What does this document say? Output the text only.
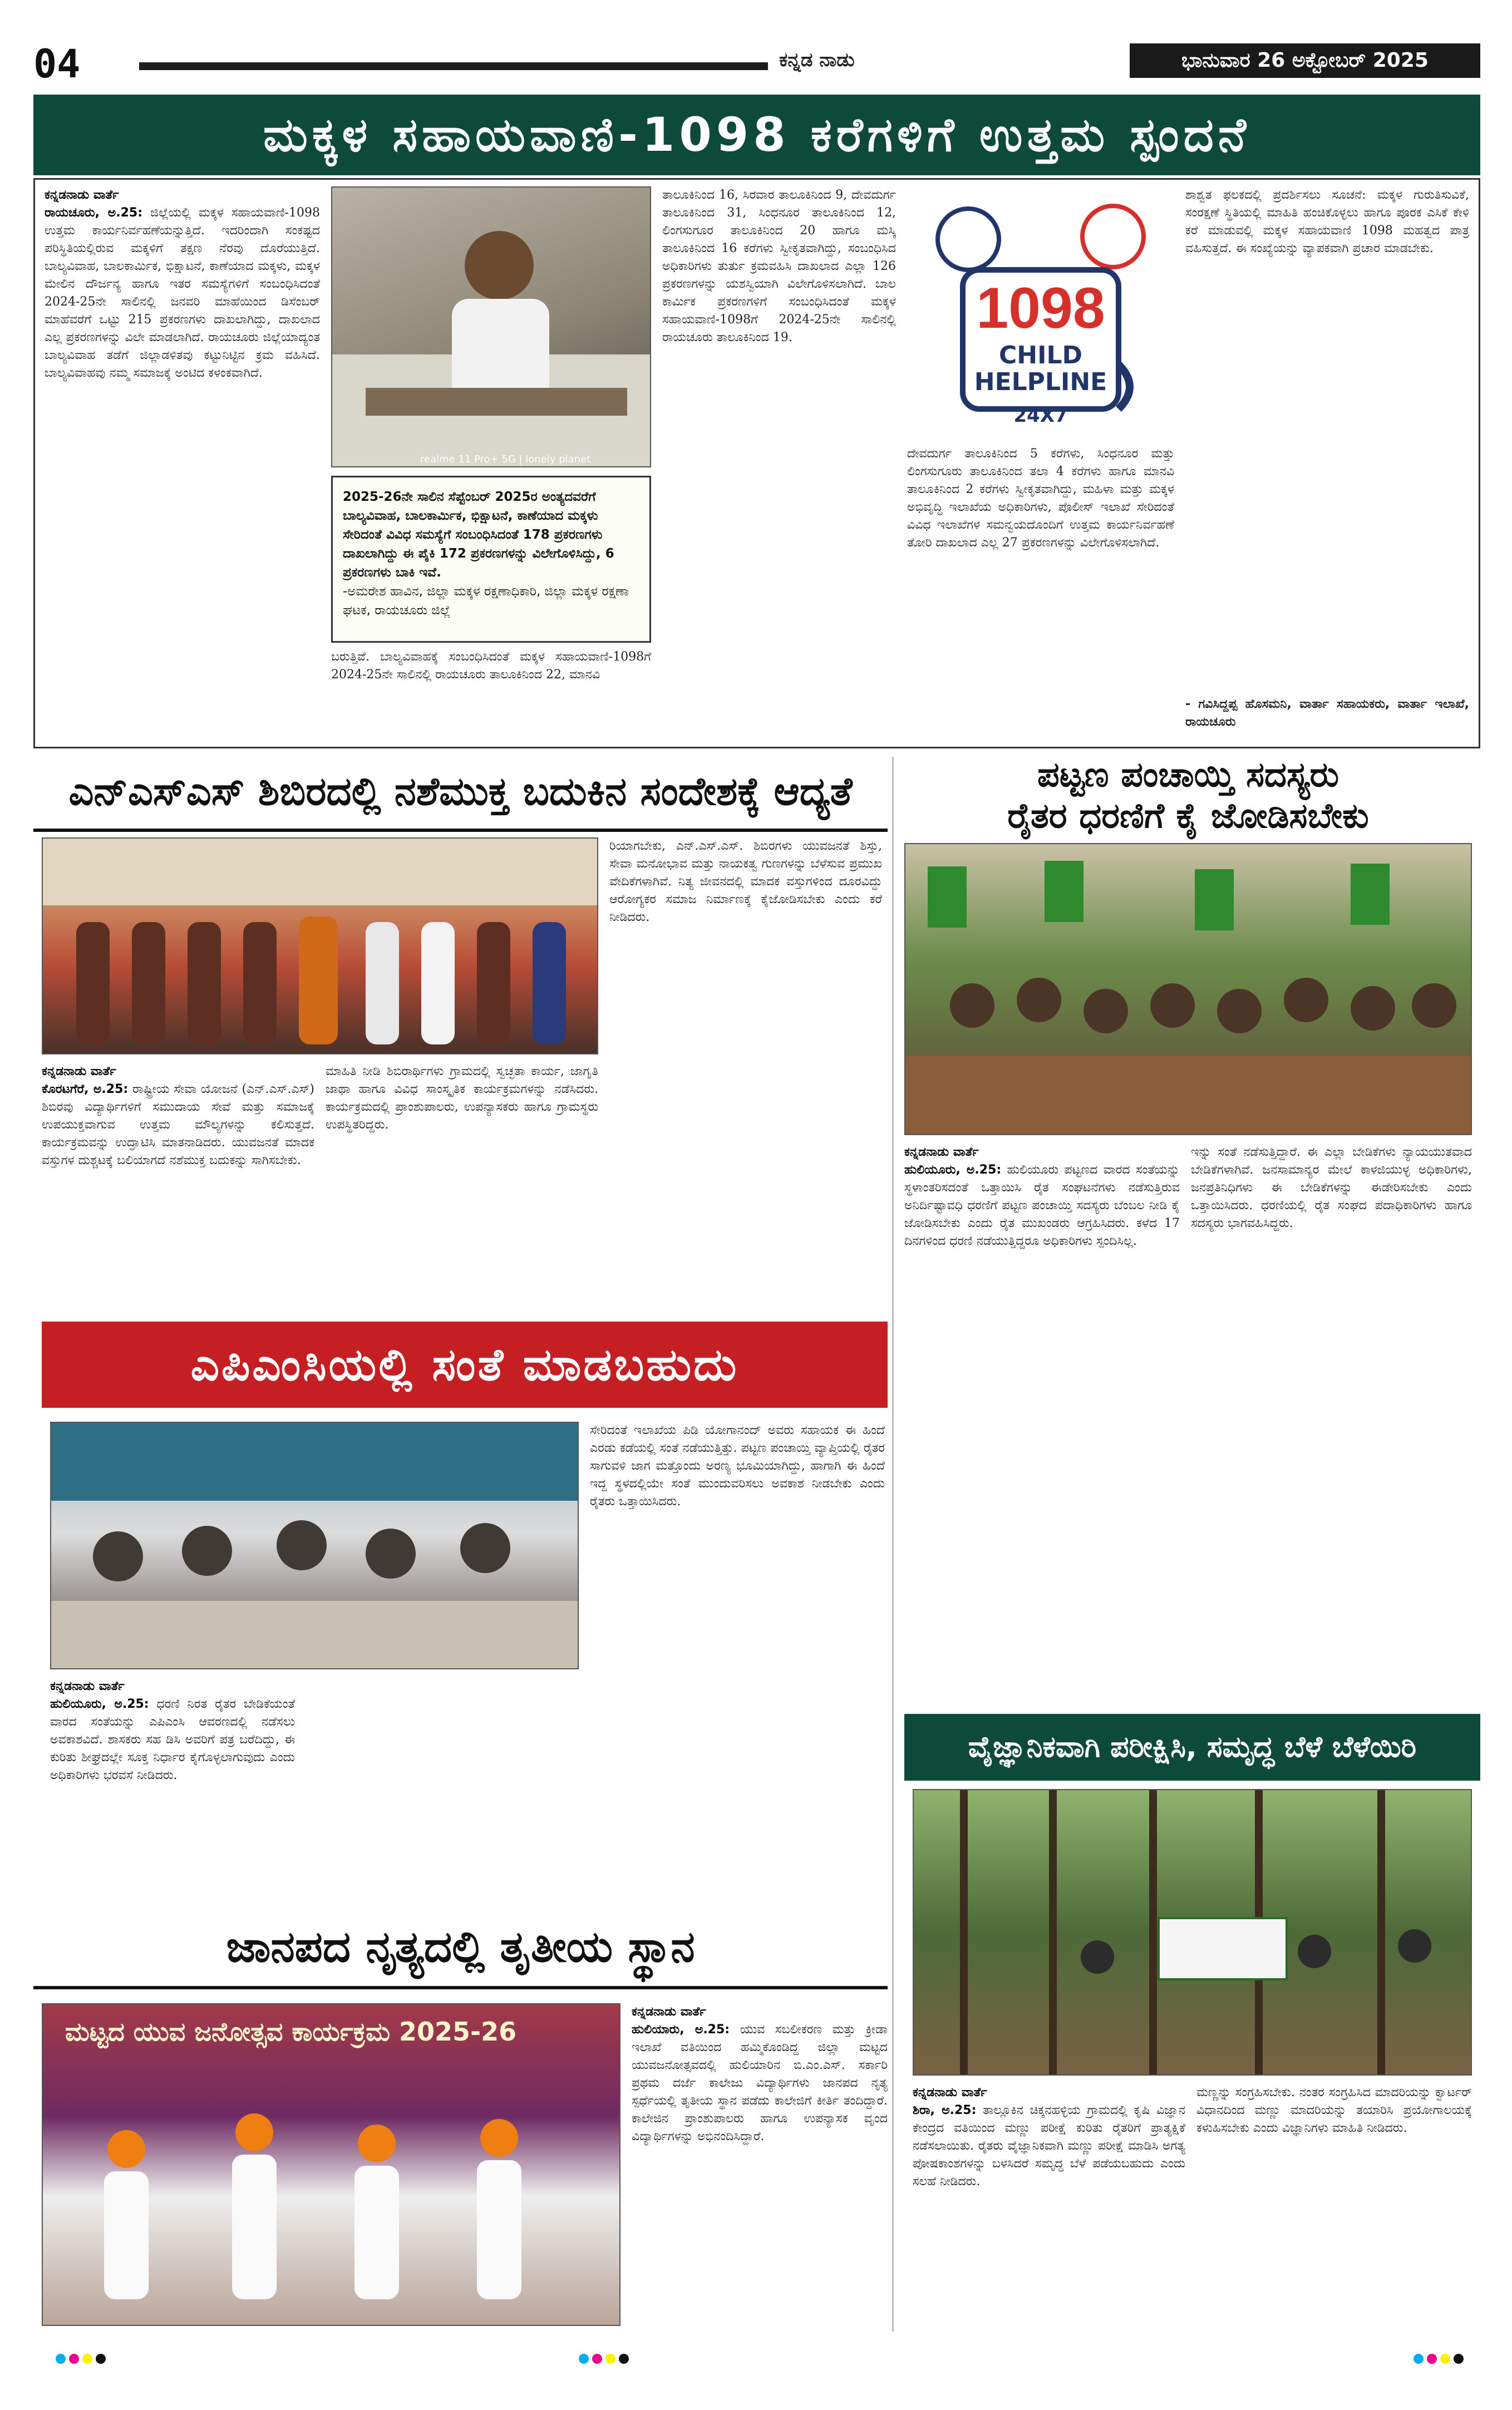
04	ಕನ್ನಡ ನಾಡು	ಭಾನುವಾರ 26 ಅಕ್ಟೋಬರ್ 2025
ಮಕ್ಕಳ ಸಹಾಯವಾಣಿ-1098 ಕರೆಗಳಿಗೆ ಉತ್ತಮ ಸ್ಪಂದನೆ
ಕನ್ನಡನಾಡು ವಾರ್ತೆ
ರಾಯಚೂರು, ಅ.25: ಜಿಲ್ಲೆಯಲ್ಲಿ ಮಕ್ಕಳ ಸಹಾಯವಾಣಿ-1098 ಉತ್ತಮ ಕಾರ್ಯನಿರ್ವಹಣೆಯನ್ನುತ್ತಿದೆ. ಇದರಿಂದಾಗಿ ಸಂಕಷ್ಟದ ಪರಿಸ್ಥಿತಿಯಲ್ಲಿರುವ ಮಕ್ಕಳಿಗೆ ತಕ್ಷಣ ನೆರವು ದೊರೆಯುತ್ತಿದೆ. ಬಾಲ್ಯವಿವಾಹ, ಬಾಲಕಾರ್ಮಿಕ, ಭಿಕ್ಷಾಟನೆ, ಕಾಣೆಯಾದ ಮಕ್ಕಳು, ಮಕ್ಕಳ ಮೇಲಿನ ದೌರ್ಜನ್ಯ ಹಾಗೂ ಇತರ ಸಮಸ್ಯೆಗಳಿಗೆ ಸಂಬಂಧಿಸಿದಂತೆ 2024-25ನೇ ಸಾಲಿನಲ್ಲಿ ಜನವರಿ ಮಾಹೆಯಿಂದ ಡಿಸೆಂಬರ್ ಮಾಹೆವರೆಗೆ ಒಟ್ಟು 215 ಪ್ರಕರಣಗಳು ದಾಖಲಾಗಿದ್ದು, ದಾಖಲಾದ ಎಲ್ಲ ಪ್ರಕರಣಗಳನ್ನು ವಿಲೇ ಮಾಡಲಾಗಿದೆ. ರಾಯಚೂರು ಜಿಲ್ಲೆಯಾದ್ಯಂತ ಬಾಲ್ಯವಿವಾಹ ತಡೆಗೆ ಜಿಲ್ಲಾಡಳಿತವು ಕಟ್ಟುನಿಟ್ಟಿನ ಕ್ರಮ ವಹಿಸಿದೆ. ಬಾಲ್ಯವಿವಾಹವು ನಮ್ಮ ಸಮಾಜಕ್ಕೆ ಅಂಟಿದ ಕಳಂಕವಾಗಿದೆ.
realme 11 Pro+ 5G | lonely planet
2025-26ನೇ ಸಾಲಿನ ಸೆಪ್ಟೆಂಬರ್ 2025ರ ಅಂತ್ಯದವರೆಗೆ ಬಾಲ್ಯವಿವಾಹ, ಬಾಲಕಾರ್ಮಿಕ, ಭಿಕ್ಷಾಟನೆ, ಕಾಣೆಯಾದ ಮಕ್ಕಳು ಸೇರಿದಂತೆ ವಿವಿಧ ಸಮಸ್ಯೆಗೆ ಸಂಬಂಧಿಸಿದಂತೆ 178 ಪ್ರಕರಣಗಳು ದಾಖಲಾಗಿದ್ದು ಈ ಪೈಕಿ 172 ಪ್ರಕರಣಗಳನ್ನು ವಿಲೇಗೊಳಿಸಿದ್ದು, 6 ಪ್ರಕರಣಗಳು ಬಾಕಿ ಇವೆ.
-ಅಮರೇಶ ಹಾವಿನ, ಜಿಲ್ಲಾ ಮಕ್ಕಳ ರಕ್ಷಣಾಧಿಕಾರಿ, ಜಿಲ್ಲಾ ಮಕ್ಕಳ ರಕ್ಷಣಾ ಘಟಕ, ರಾಯಚೂರು ಜಿಲ್ಲೆ
ಬರುತ್ತಿವೆ. ಬಾಲ್ಯವಿವಾಹಕ್ಕೆ ಸಂಬಂಧಿಸಿದಂತೆ ಮಕ್ಕಳ ಸಹಾಯವಾಣಿ-1098ಗೆ 2024-25ನೇ ಸಾಲಿನಲ್ಲಿ ರಾಯಚೂರು ತಾಲೂಕಿನಿಂದ 22, ಮಾನವಿ
ತಾಲೂಕಿನಿಂದ 16, ಸಿರವಾರ ತಾಲೂಕಿನಿಂದ 9, ದೇವದುರ್ಗ ತಾಲೂಕಿನಿಂದ 31, ಸಿಂಧನೂರ ತಾಲೂಕಿನಿಂದ 12, ಲಿಂಗಸುಗೂರ ತಾಲೂಕಿನಿಂದ 20 ಹಾಗೂ ಮಸ್ಕಿ ತಾಲೂಕಿನಿಂದ 16 ಕರೆಗಳು ಸ್ವೀಕೃತವಾಗಿದ್ದು, ಸಂಬಂಧಿಸಿದ ಅಧಿಕಾರಿಗಳು ತುರ್ತು ಕ್ರಮವಹಿಸಿ ದಾಖಲಾದ ಎಲ್ಲಾ 126 ಪ್ರಕರಣಗಳನ್ನು ಯಶಸ್ವಿಯಾಗಿ ವಿಲೇಗೊಳಿಸಲಾಗಿದೆ. ಬಾಲ ಕಾರ್ಮಿಕ ಪ್ರಕರಣಗಳಿಗೆ ಸಂಬಂಧಿಸಿದಂತೆ ಮಕ್ಕಳ ಸಹಾಯವಾಣಿ-1098ಗೆ 2024-25ನೇ ಸಾಲಿನಲ್ಲಿ ರಾಯಚೂರು ತಾಲೂಕಿನಿಂದ 19.	1098
CHILD
HELPLINE
24X7
ದೇವದುರ್ಗ ತಾಲೂಕಿನಿಂದ 5 ಕರೆಗಳು, ಸಿಂಧನೂರ ಮತ್ತು ಲಿಂಗಸುಗೂರು ತಾಲೂಕಿನಿಂದ ತಲಾ 4 ಕರೆಗಳು ಹಾಗೂ ಮಾನವಿ ತಾಲೂಕಿನಿಂದ 2 ಕರೆಗಳು ಸ್ವೀಕೃತವಾಗಿದ್ದು, ಮಹಿಳಾ ಮತ್ತು ಮಕ್ಕಳ ಅಭಿವೃದ್ಧಿ ಇಲಾಖೆಯ ಅಧಿಕಾರಿಗಳು, ಪೊಲೀಸ್ ಇಲಾಖೆ ಸೇರಿದಂತೆ ವಿವಿಧ ಇಲಾಖೆಗಳ ಸಮನ್ವಯದೊಂದಿಗೆ ಉತ್ತಮ ಕಾರ್ಯನಿರ್ವಹಣೆ ತೋರಿ ದಾಖಲಾದ ಎಲ್ಲ 27 ಪ್ರಕರಣಗಳನ್ನು ವಿಲೇಗೊಳಿಸಲಾಗಿದೆ.
ಶಾಶ್ವತ ಫಲಕದಲ್ಲಿ ಪ್ರದರ್ಶಿಸಲು ಸೂಚನೆ: ಮಕ್ಕಳ ಗುರುತಿಸುವಿಕೆ, ಸಂರಕ್ಷಣೆ ಸ್ಥಿತಿಯಲ್ಲಿ ಮಾಹಿತಿ ಹಂಚಿಕೊಳ್ಳಲು ಹಾಗೂ ಪೂರಕ ಎಸಿಕೆ ಕೇಳಿ ಕರೆ ಮಾಡುವಲ್ಲಿ ಮಕ್ಕಳ ಸಹಾಯವಾಣಿ 1098 ಮಹತ್ವದ ಪಾತ್ರ ವಹಿಸುತ್ತದೆ. ಈ ಸಂಖ್ಯೆಯನ್ನು ವ್ಯಾಪಕವಾಗಿ ಪ್ರಚಾರ ಮಾಡಬೇಕು.
- ಗವಿಸಿದ್ದಪ್ಪ ಹೊಸಮನಿ, ವಾರ್ತಾ ಸಹಾಯಕರು, ವಾರ್ತಾ ಇಲಾಖೆ, ರಾಯಚೂರು
ಎನ್‌ಎಸ್‌ಎಸ್ ಶಿಬಿರದಲ್ಲಿ ನಶೆಮುಕ್ತ ಬದುಕಿನ ಸಂದೇಶಕ್ಕೆ ಆದ್ಯತೆ
ಕನ್ನಡನಾಡು ವಾರ್ತೆ
ಕೊರಟಗೆರೆ, ಅ.25: ರಾಷ್ಟ್ರೀಯ ಸೇವಾ ಯೋಜನೆ (ಎನ್.ಎಸ್.ಎಸ್) ಶಿಬಿರವು ವಿದ್ಯಾರ್ಥಿಗಳಿಗೆ ಸಮುದಾಯ ಸೇವೆ ಮತ್ತು ಸಮಾಜಕ್ಕೆ ಉಪಯುಕ್ತವಾಗುವ ಉತ್ತಮ ಮೌಲ್ಯಗಳನ್ನು ಕಲಿಸುತ್ತದೆ. ಕಾರ್ಯಕ್ರಮವನ್ನು ಉದ್ಘಾಟಿಸಿ ಮಾತನಾಡಿದರು. ಯುವಜನತೆ ಮಾದಕ ವಸ್ತುಗಳ ದುಶ್ಚಟಕ್ಕೆ ಬಲಿಯಾಗದೆ ನಶೆಮುಕ್ತ ಬದುಕನ್ನು ಸಾಗಿಸಬೇಕು.
ಮಾಹಿತಿ ನೀಡಿ ಶಿಬಿರಾರ್ಥಿಗಳು ಗ್ರಾಮದಲ್ಲಿ ಸ್ವಚ್ಛತಾ ಕಾರ್ಯ, ಜಾಗೃತಿ ಜಾಥಾ ಹಾಗೂ ವಿವಿಧ ಸಾಂಸ್ಕೃತಿಕ ಕಾರ್ಯಕ್ರಮಗಳನ್ನು ನಡೆಸಿದರು. ಕಾರ್ಯಕ್ರಮದಲ್ಲಿ ಪ್ರಾಂಶುಪಾಲರು, ಉಪನ್ಯಾಸಕರು ಹಾಗೂ ಗ್ರಾಮಸ್ಥರು ಉಪಸ್ಥಿತರಿದ್ದರು.
ರಿಯಾಗಬೇಕು, ಎನ್.ಎಸ್.ಎಸ್. ಶಿಬಿರಗಳು ಯುವಜನತೆ ಶಿಸ್ತು, ಸೇವಾ ಮನೋಭಾವ ಮತ್ತು ನಾಯಕತ್ವ ಗುಣಗಳನ್ನು ಬೆಳೆಸುವ ಪ್ರಮುಖ ವೇದಿಕೆಗಳಾಗಿವೆ. ನಿತ್ಯ ಜೀವನದಲ್ಲಿ ಮಾದಕ ವಸ್ತುಗಳಿಂದ ದೂರವಿದ್ದು ಆರೋಗ್ಯಕರ ಸಮಾಜ ನಿರ್ಮಾಣಕ್ಕೆ ಕೈಜೋಡಿಸಬೇಕು ಎಂದು ಕರೆ ನೀಡಿದರು.
ಪಟ್ಟಣ ಪಂಚಾಯ್ತಿ ಸದಸ್ಯರು
ರೈತರ ಧರಣಿಗೆ ಕೈ ಜೋಡಿಸಬೇಕು
ಕನ್ನಡನಾಡು ವಾರ್ತೆ
ಹುಲಿಯೂರು, ಅ.25: ಹುಲಿಯೂರು ಪಟ್ಟಣದ ವಾರದ ಸಂತೆಯನ್ನು ಸ್ಥಳಾಂತರಿಸದಂತೆ ಒತ್ತಾಯಿಸಿ ರೈತ ಸಂಘಟನೆಗಳು ನಡೆಸುತ್ತಿರುವ ಅನಿರ್ದಿಷ್ಟಾವಧಿ ಧರಣಿಗೆ ಪಟ್ಟಣ ಪಂಚಾಯ್ತಿ ಸದಸ್ಯರು ಬೆಂಬಲ ನೀಡಿ ಕೈ ಜೋಡಿಸಬೇಕು ಎಂದು ರೈತ ಮುಖಂಡರು ಆಗ್ರಹಿಸಿದರು. ಕಳೆದ 17 ದಿನಗಳಿಂದ ಧರಣಿ ನಡೆಯುತ್ತಿದ್ದರೂ ಅಧಿಕಾರಿಗಳು ಸ್ಪಂದಿಸಿಲ್ಲ.
ಇನ್ನು ಸಂತೆ ನಡೆಸುತ್ತಿದ್ದಾರೆ. ಈ ಎಲ್ಲಾ ಬೇಡಿಕೆಗಳು ನ್ಯಾಯಯುತವಾದ ಬೇಡಿಕೆಗಳಾಗಿವೆ. ಜನಸಾಮಾನ್ಯರ ಮೇಲೆ ಕಾಳಜಿಯುಳ್ಳ ಅಧಿಕಾರಿಗಳು, ಜನಪ್ರತಿನಿಧಿಗಳು ಈ ಬೇಡಿಕೆಗಳನ್ನು ಈಡೇರಿಸಬೇಕು ಎಂದು ಒತ್ತಾಯಿಸಿದರು. ಧರಣಿಯಲ್ಲಿ ರೈತ ಸಂಘದ ಪದಾಧಿಕಾರಿಗಳು ಹಾಗೂ ಸದಸ್ಯರು ಭಾಗವಹಿಸಿದ್ದರು.
ಎಪಿಎಂಸಿಯಲ್ಲಿ ಸಂತೆ ಮಾಡಬಹುದು
ಕನ್ನಡನಾಡು ವಾರ್ತೆ
ಹುಲಿಯೂರು, ಅ.25: ಧರಣಿ ನಿರತ ರೈತರ ಬೇಡಿಕೆಯಂತೆ ವಾರದ ಸಂತೆಯನ್ನು ಎಪಿಎಂಸಿ ಆವರಣದಲ್ಲಿ ನಡೆಸಲು ಅವಕಾಶವಿದೆ. ಶಾಸಕರು ಸಹ ಡಿಸಿ ಅವರಿಗೆ ಪತ್ರ ಬರೆದಿದ್ದು, ಈ ಕುರಿತು ಶೀಘ್ರದಲ್ಲೇ ಸೂಕ್ತ ನಿರ್ಧಾರ ಕೈಗೊಳ್ಳಲಾಗುವುದು ಎಂದು ಅಧಿಕಾರಿಗಳು ಭರವಸೆ ನೀಡಿದರು.
ಸೇರಿದಂತೆ ಇಲಾಖೆಯ ಪಿಡಿ ಯೋಗಾನಂದ್ ಅವರು ಸಹಾಯಕ ಈ ಹಿಂದೆ ಎರಡು ಕಡೆಯಲ್ಲಿ ಸಂತೆ ನಡೆಯುತ್ತಿತ್ತು. ಪಟ್ಟಣ ಪಂಚಾಯ್ತಿ ವ್ಯಾಪ್ತಿಯಲ್ಲಿ ರೈತರ ಸಾಗುವಳಿ ಜಾಗ ಮತ್ತೊಂದು ಅರಣ್ಯ ಭೂಮಿಯಾಗಿದ್ದು, ಹಾಗಾಗಿ ಈ ಹಿಂದೆ ಇದ್ದ ಸ್ಥಳದಲ್ಲಿಯೇ ಸಂತೆ ಮುಂದುವರಿಸಲು ಅವಕಾಶ ನೀಡಬೇಕು ಎಂದು ರೈತರು ಒತ್ತಾಯಿಸಿದರು.
ಜಾನಪದ ನೃತ್ಯದಲ್ಲಿ ತೃತೀಯ ಸ್ಥಾನ
ಮಟ್ಟದ ಯುವ ಜನೋತ್ಸವ ಕಾರ್ಯಕ್ರಮ 2025-26
ಕನ್ನಡನಾಡು ವಾರ್ತೆ
ಹುಲಿಯಾರು, ಅ.25: ಯುವ ಸಬಲೀಕರಣ ಮತ್ತು ಕ್ರೀಡಾ ಇಲಾಖೆ ವತಿಯಿಂದ ಹಮ್ಮಿಕೊಂಡಿದ್ದ ಜಿಲ್ಲಾ ಮಟ್ಟದ ಯುವಜನೋತ್ಸವದಲ್ಲಿ ಹುಲಿಯಾರಿನ ಬಿ.ಎಂ.ಎಸ್. ಸರ್ಕಾರಿ ಪ್ರಥಮ ದರ್ಜೆ ಕಾಲೇಜು ವಿದ್ಯಾರ್ಥಿಗಳು ಜಾನಪದ ನೃತ್ಯ ಸ್ಪರ್ಧೆಯಲ್ಲಿ ತೃತೀಯ ಸ್ಥಾನ ಪಡೆದು ಕಾಲೇಜಿಗೆ ಕೀರ್ತಿ ತಂದಿದ್ದಾರೆ. ಕಾಲೇಜಿನ ಪ್ರಾಂಶುಪಾಲರು ಹಾಗೂ ಉಪನ್ಯಾಸಕ ವೃಂದ ವಿದ್ಯಾರ್ಥಿಗಳನ್ನು ಅಭಿನಂದಿಸಿದ್ದಾರೆ.
ವೈಜ್ಞಾನಿಕವಾಗಿ ಪರೀಕ್ಷಿಸಿ, ಸಮೃದ್ಧ ಬೆಳೆ ಬೆಳೆಯಿರಿ
ಕನ್ನಡನಾಡು ವಾರ್ತೆ
ಶಿರಾ, ಅ.25: ತಾಲ್ಲೂಕಿನ ಚಿಕ್ಕನಹಳ್ಳಿಯ ಗ್ರಾಮದಲ್ಲಿ ಕೃಷಿ ವಿಜ್ಞಾನ ಕೇಂದ್ರದ ವತಿಯಿಂದ ಮಣ್ಣು ಪರೀಕ್ಷೆ ಕುರಿತು ರೈತರಿಗೆ ಪ್ರಾತ್ಯಕ್ಷಿಕೆ ನಡೆಸಲಾಯಿತು. ರೈತರು ವೈಜ್ಞಾನಿಕವಾಗಿ ಮಣ್ಣು ಪರೀಕ್ಷೆ ಮಾಡಿಸಿ ಅಗತ್ಯ ಪೋಷಕಾಂಶಗಳನ್ನು ಬಳಸಿದರೆ ಸಮೃದ್ಧ ಬೆಳೆ ಪಡೆಯಬಹುದು ಎಂದು ಸಲಹೆ ನೀಡಿದರು.
ಮಣ್ಣನ್ನು ಸಂಗ್ರಹಿಸಬೇಕು. ನಂತರ ಸಂಗ್ರಹಿಸಿದ ಮಾದರಿಯನ್ನು ಕ್ವಾರ್ಟರ್ ವಿಧಾನದಿಂದ ಮಣ್ಣು ಮಾದರಿಯನ್ನು ತಯಾರಿಸಿ ಪ್ರಯೋಗಾಲಯಕ್ಕೆ ಕಳುಹಿಸಬೇಕು ಎಂದು ವಿಜ್ಞಾನಿಗಳು ಮಾಹಿತಿ ನೀಡಿದರು.
